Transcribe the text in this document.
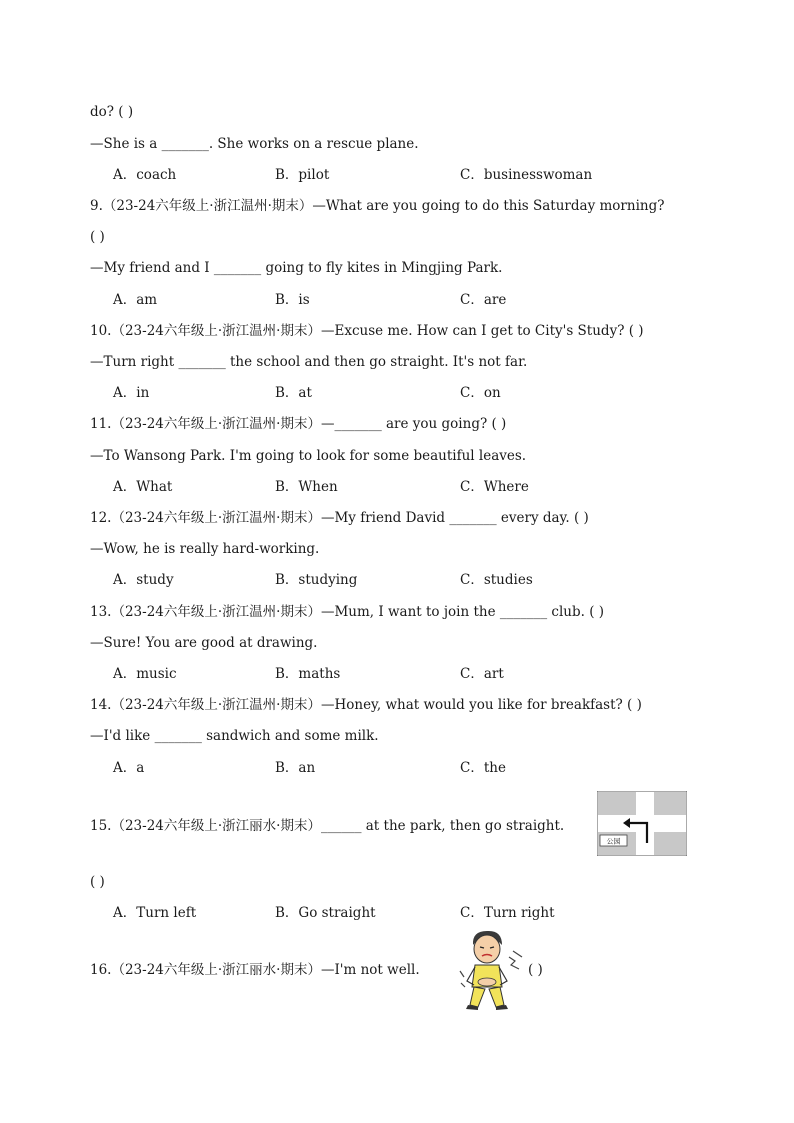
do? ( )
—She is a _______. She works on a rescue plane.
A．coach	B．pilot	C．businesswoman
9.（23-24六年级上·浙江温州·期末）—What are you going to do this Saturday morning?
( )
—My friend and I _______ going to fly kites in Mingjing Park.
A．am	B．is	C．are
10.（23-24六年级上·浙江温州·期末）—Excuse me. How can I get to City's Study? ( )
—Turn right _______ the school and then go straight. It's not far.
A．in	B．at	C．on
11.（23-24六年级上·浙江温州·期末）—_______ are you going? ( )
—To Wansong Park. I'm going to look for some beautiful leaves.
A．What	B．When	C．Where
12.（23-24六年级上·浙江温州·期末）—My friend David _______ every day. ( )
—Wow, he is really hard-working.
A．study	B．studying	C．studies
13.（23-24六年级上·浙江温州·期末）—Mum, I want to join the _______ club. ( )
—Sure! You are good at drawing.
A．music	B．maths	C．art
14.（23-24六年级上·浙江温州·期末）—Honey, what would you like for breakfast? ( )
—I'd like _______ sandwich and some milk.
A．a	B．an	C．the
15.（23-24六年级上·浙江丽水·期末）______ at the park, then go straight.
公园
( )
A．Turn left	B．Go straight	C．Turn right
16.（23-24六年级上·浙江丽水·期末）—I'm not well.	( )
